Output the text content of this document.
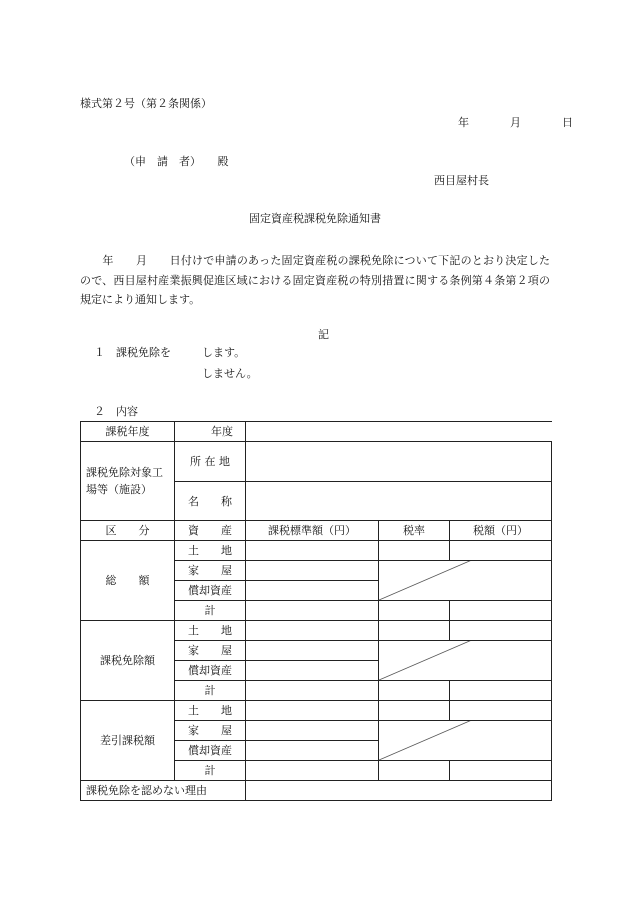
様式第２号（第２条関係）
年	月	日
（申　請　者）　　殿
西目屋村長
固定資産税課税免除通知書
　　年　　月　　日付けで申請のあった固定資産税の課税免除について下記のとおり決定したので、西目屋村産業振興促進区域における固定資産税の特別措置に関する条例第４条第２項の規定により通知します。
記
１　課税免除を	します。
しません。
２　内容
課税年度	年度			

課税免除対象工場等（施設）	所 在 地			
	名　　称			
区　　分	資　　産	課税標準額（円）	税率	税額（円）
総　　額	土　　地			
	家　　屋		

	償却資産			
	計			
課税免除額	土　　地			
	家　　屋		

	償却資産			
	計			
差引課税額	土　　地			
	家　　屋		

	償却資産			
	計			
課税免除を認めない理由				
